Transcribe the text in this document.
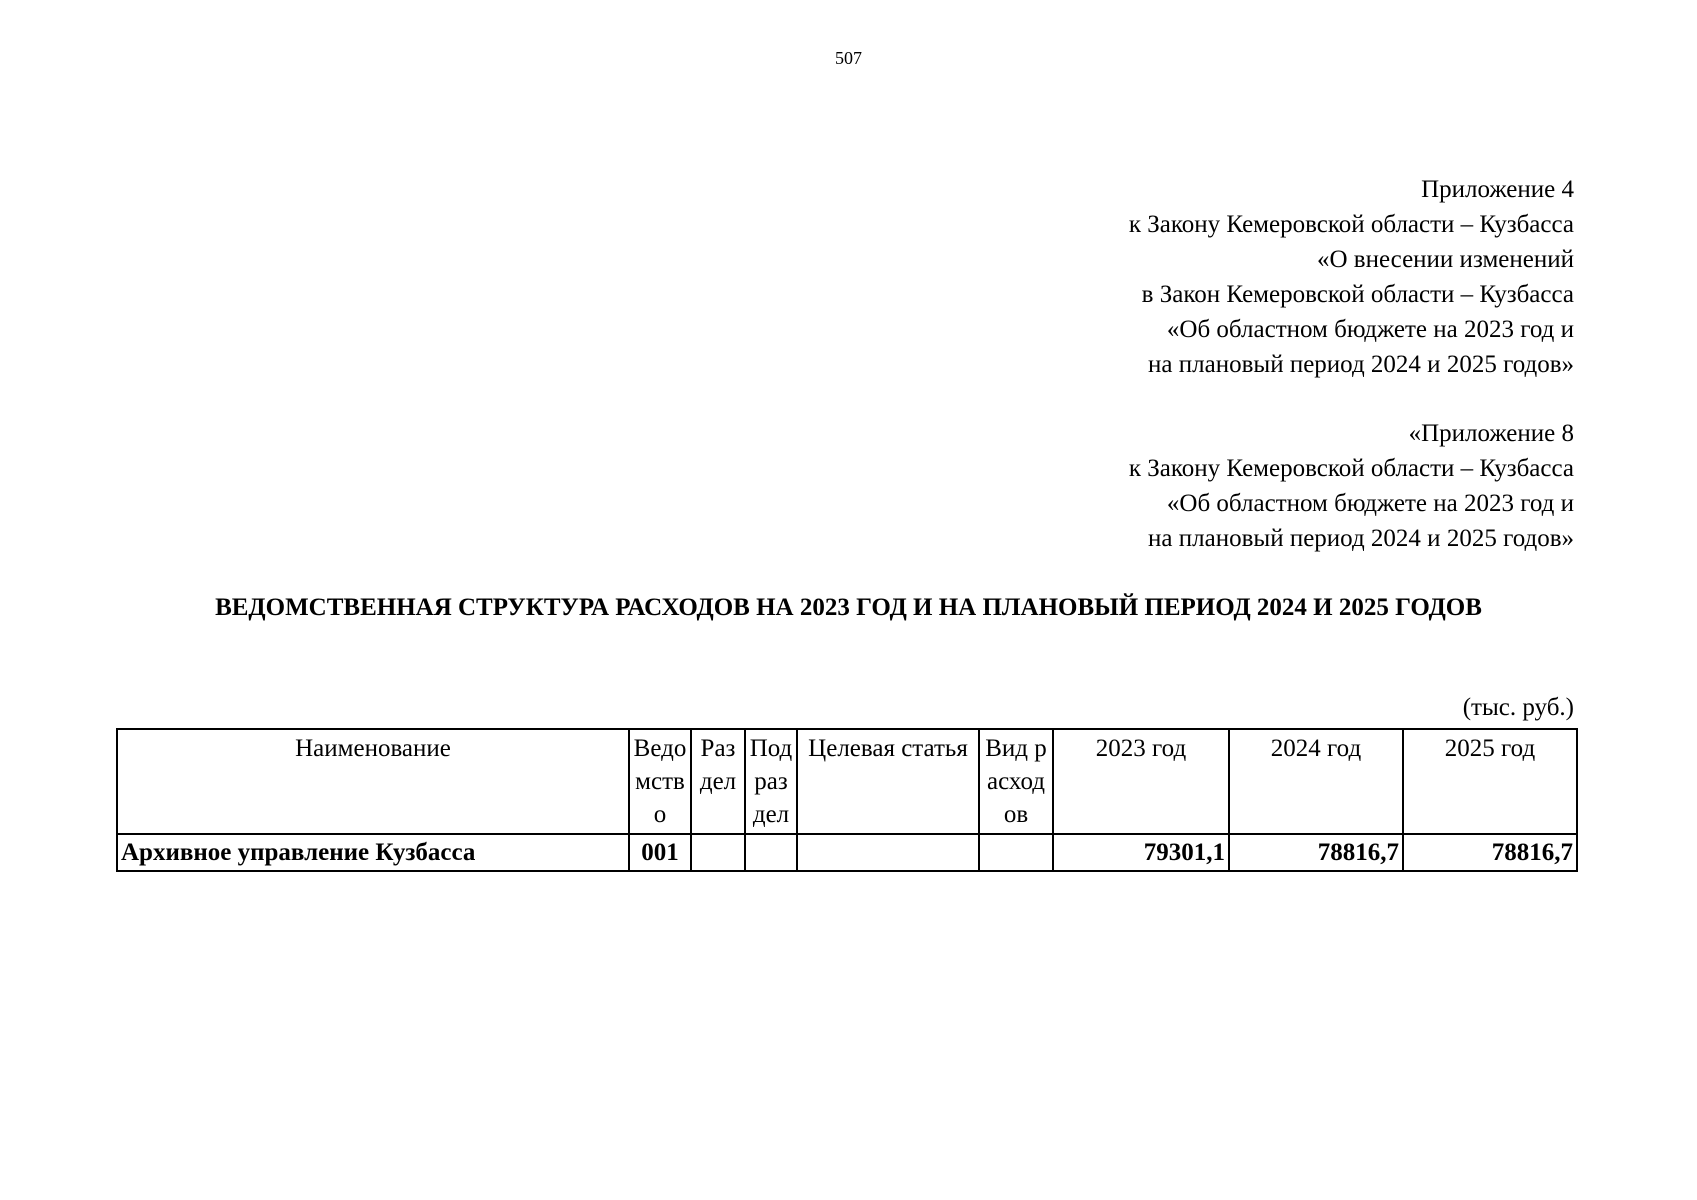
507
Приложение 4
к Закону Кемеровской области – Кузбасса
«О внесении изменений
в Закон Кемеровской области – Кузбасса
«Об областном бюджете на 2023 год и
на плановый период 2024 и 2025 годов»
«Приложение 8
к Закону Кемеровской области – Кузбасса
«Об областном бюджете на 2023 год и
на плановый период 2024 и 2025 годов»
ВЕДОМСТВЕННАЯ СТРУКТУРА РАСХОДОВ НА 2023 ГОД И НА ПЛАНОВЫЙ ПЕРИОД 2024 И 2025 ГОДОВ
(тыс. руб.)
Наименование	Ведомство	Раздел	Подраздел	Целевая статья	Вид расходов	2023 год	2024 год	2025 год
Архивное управление Кузбасса	001					79301,1	78816,7	78816,7
